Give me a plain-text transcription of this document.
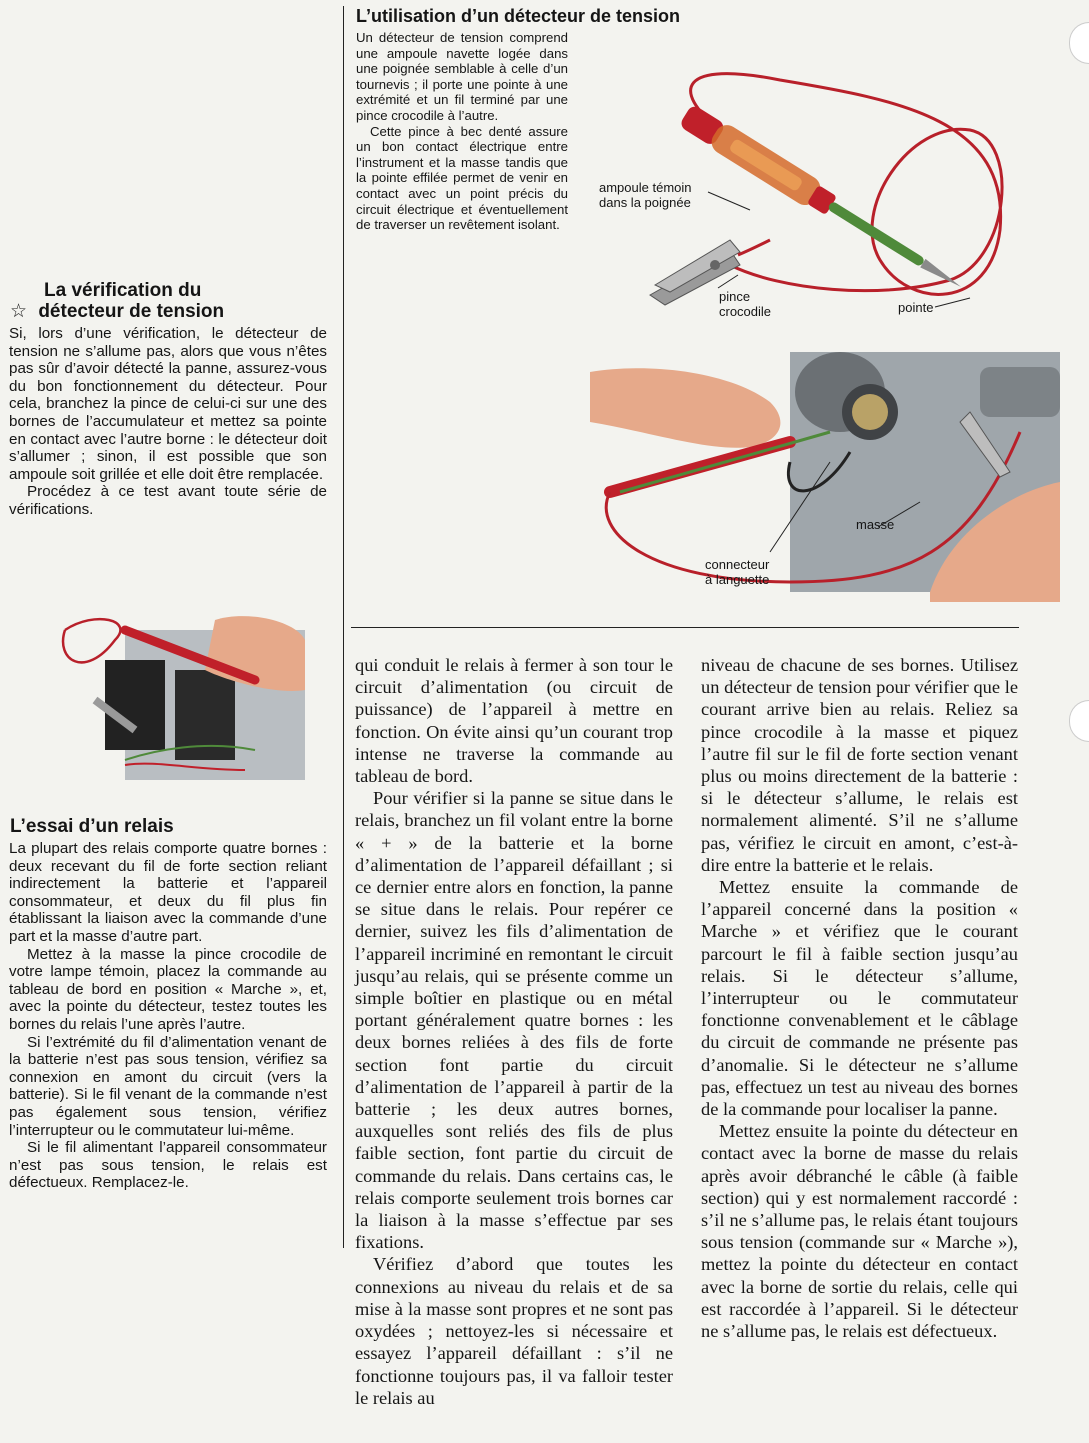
L’utilisation d’un détecteur de tension

Un détecteur de tension comprend une ampoule navette logée dans une poignée semblable à celle d’un tournevis ; il porte une pointe à une extrémité et un fil terminé par une pince crocodile à l’autre.

Cette pince à bec denté assure un bon contact électrique entre l’instrument et la masse tandis que la pointe effilée permet de venir en contact avec un point précis du circuit électrique et éventuellement de traverser un revêtement isolant.

ampoule témoin
dans la poignée
pince
crocodile	pointe
masse
connecteur
à languette
La vérification du
☆ détecteur de tension

Si, lors d’une vérification, le détecteur de tension ne s’allume pas, alors que vous n’êtes pas sûr d’avoir détecté la panne, assurez-vous du bon fonctionnement du détecteur. Pour cela, branchez la pince de celui-ci sur une des bornes de l’accumulateur et mettez sa pointe en contact avec l’autre borne : le détecteur doit s’allumer ; sinon, il est possible que son ampoule soit grillée et elle doit être remplacée.

Procédez à ce test avant toute série de vérifications.

L’essai d’un relais

La plupart des relais comporte quatre bornes : deux recevant du fil de forte section reliant indirectement la batterie et l’appareil consommateur, et deux du fil plus fin établissant la liaison avec la commande d’une part et la masse d’autre part.

Mettez à la masse la pince crocodile de votre lampe témoin, placez la commande au tableau de bord en position « Marche », et, avec la pointe du détecteur, testez toutes les bornes du relais l’une après l’autre.

Si l’extrémité du fil d’alimentation venant de la batterie n’est pas sous tension, vérifiez sa connexion en amont du circuit (vers la batterie). Si le fil venant de la commande n’est pas également sous tension, vérifiez l’interrupteur ou le commutateur lui-même.

Si le fil alimentant l’appareil consommateur n’est pas sous tension, le relais est défectueux. Remplacez-le.

qui conduit le relais à fermer à son tour le circuit d’alimentation (ou circuit de puissance) de l’appareil à mettre en fonction. On évite ainsi qu’un courant trop intense ne traverse la commande au tableau de bord.

Pour vérifier si la panne se situe dans le relais, branchez un fil volant entre la borne « + » de la batterie et la borne d’alimentation de l’appareil défaillant ; si ce dernier entre alors en fonction, la panne se situe dans le relais. Pour repérer ce dernier, suivez les fils d’alimentation de l’appareil incriminé en remontant le circuit jusqu’au relais, qui se présente comme un simple boîtier en plastique ou en métal portant généralement quatre bornes : les deux bornes reliées à des fils de forte section font partie du circuit d’alimentation de l’appareil à partir de la batterie ; les deux autres bornes, auxquelles sont reliés des fils de plus faible section, font partie du circuit de commande du relais. Dans certains cas, le relais comporte seulement trois bornes car la liaison à la masse s’effectue par ses fixations.

Vérifiez d’abord que toutes les connexions au niveau du relais et de sa mise à la masse sont propres et ne sont pas oxydées ; nettoyez-les si nécessaire et essayez l’appareil défaillant : s’il ne fonctionne toujours pas, il va falloir tester le relais au

niveau de chacune de ses bornes. Utilisez un détecteur de tension pour vérifier que le courant arrive bien au relais. Reliez sa pince crocodile à la masse et piquez l’autre fil sur le fil de forte section venant plus ou moins directement de la batterie : si le détecteur s’allume, le relais est normalement alimenté. S’il ne s’allume pas, vérifiez le circuit en amont, c’est-à-dire entre la batterie et le relais.

Mettez ensuite la commande de l’appareil concerné dans la position « Marche » et vérifiez que le courant parcourt le fil à faible section jusqu’au relais. Si le détecteur s’allume, l’interrupteur ou le commutateur fonctionne convenablement et le câblage du circuit de commande ne présente pas d’anomalie. Si le détecteur ne s’allume pas, effectuez un test au niveau des bornes de la commande pour localiser la panne.

Mettez ensuite la pointe du détecteur en contact avec la borne de masse du relais après avoir débranché le câble (à faible section) qui y est normalement raccordé : s’il ne s’allume pas, le relais étant toujours sous tension (commande sur « Marche »), mettez la pointe du détecteur en contact avec la borne de sortie du relais, celle qui est raccordée à l’appareil. Si le détecteur ne s’allume pas, le relais est défectueux.
